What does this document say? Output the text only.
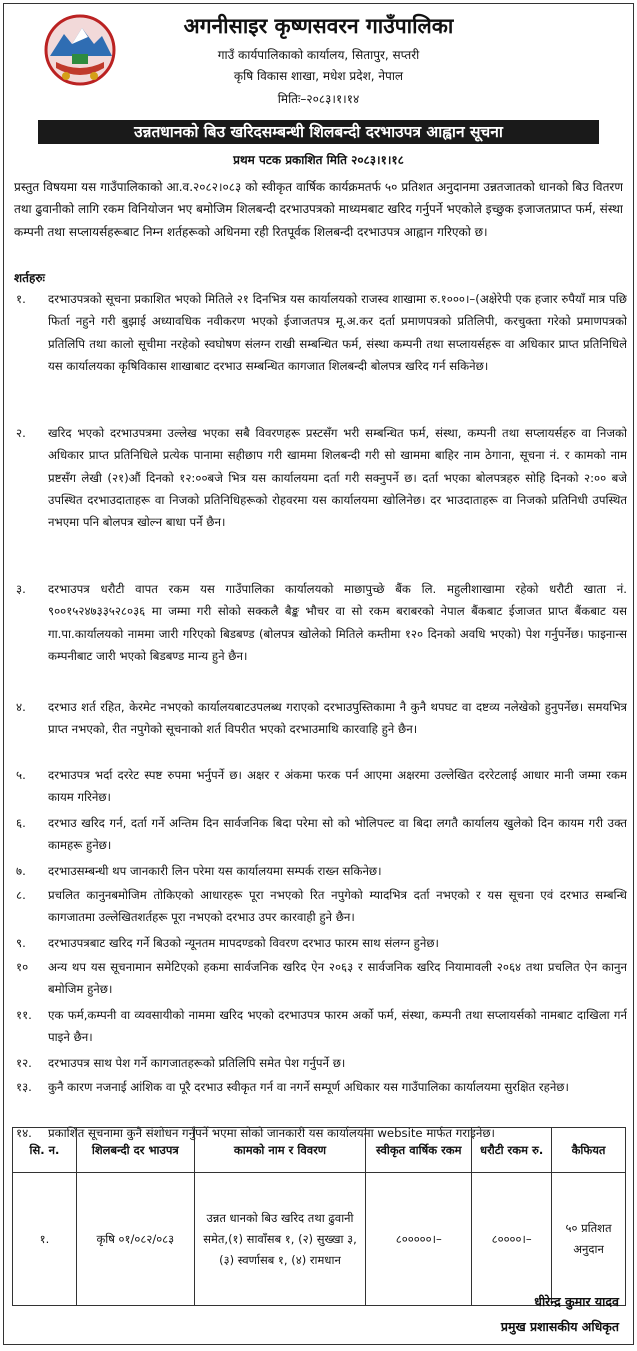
अगनीसाइर कृष्णसवरन गाउँपालिका
गाउँ कार्यपालिकाको कार्यालय, सितापुर, सप्तरी
कृषि विकास शाखा, मधेश प्रदेश, नेपाल
मितिः–२०८३।१।१४
उन्नतधानको बिउ खरिदसम्बन्धी शिलबन्दी दरभाउपत्र आह्वान सूचना
प्रथम पटक प्रकाशित मिति २०८३।१।१८
प्रस्तुत विषयमा यस गाउँपालिकाको आ.व.२०८२।०८३ को स्वीकृत वार्षिक कार्यक्रमतर्फ ५० प्रतिशत अनुदानमा उन्नतजातको धानको बिउ वितरण तथा ढुवानीको लागि रकम विनियोजन भए बमोजिम शिलबन्दी दरभाउपत्रको माध्यमबाट खरिद गर्नुपर्ने भएकोले इच्छुक इजाजतप्राप्त फर्म, संस्था कम्पनी तथा सप्लायर्सहरूबाट निम्न शर्तहरूको अधिनमा रही रितपूर्वक शिलबन्दी दरभाउपत्र आह्वान गरिएको छ।
शर्तहरुः
१.	दरभाउपत्रको सूचना प्रकाशित भएको मितिले २१ दिनभित्र यस कार्यालयको राजस्व शाखामा रु.१०००।–(अक्षेरेपी एक हजार रुपैयाँ मात्र पछि फिर्ता नहुने गरी बुझाई अध्यावधिक नवीकरण भएको ईजाजतपत्र मू.अ.कर दर्ता प्रमाणपत्रको प्रतिलिपी, करचुक्ता गरेको प्रमाणपत्रको प्रतिलिपि तथा कालो सूचीमा नरहेको स्वघोषण संलग्न राखी सम्बन्धित फर्म, संस्था कम्पनी तथा सप्लायर्सहरू वा अधिकार प्राप्त प्रतिनिधिले यस कार्यालयका कृषिविकास शाखाबाट दरभाउ सम्बन्धित कागजात शिलबन्दी बोलपत्र खरिद गर्न सकिनेछ।
२.	खरिद भएको दरभाउपत्रमा उल्लेख भएका सबै विवरणहरू प्रस्टसँग भरी सम्बन्धित फर्म, संस्था, कम्पनी तथा सप्लायर्सहरु वा निजको अधिकार प्राप्त प्रतिनिधिले प्रत्येक पानामा सहीछाप गरी खाममा शिलबन्दी गरी सो खाममा बाहिर नाम ठेगाना, सूचना नं. र कामको नाम प्रष्टसँग लेखी (२१)औं दिनको १२:००बजे भित्र यस कार्यालयमा दर्ता गरी सक्नुपर्ने छ। दर्ता भएका बोलपत्रहरु सोहि दिनको २:०० बजे उपस्थित दरभाउदाताहरू वा निजको प्रतिनिधिहरूको रोहवरमा यस कार्यालयमा खोलिनेछ। दर भाउदाताहरू वा निजको प्रतिनिधी उपस्थित नभएमा पनि बोलपत्र खोल्न बाधा पर्ने छैन।
३.	दरभाउपत्र धरौटी वापत रकम यस गाउँपालिका कार्यालयको माछापुच्छे बैंक लि. महुलीशाखामा रहेको धरौटी खाता नं. ९००१५२४७३३५२८०३६ मा जम्मा गरी सोको सक्कलै बैङ्क भौचर वा सो रकम बराबरको नेपाल बैंकबाट ईजाजत प्राप्त बैंकबाट यस गा.पा.कार्यालयको नाममा जारी गरिएको बिडबण्ड (बोलपत्र खोलेको मितिले कम्तीमा १२० दिनको अवधि भएको) पेश गर्नुपर्नेछ। फाइनान्स कम्पनीबाट जारी भएको बिडबण्ड मान्य हुने छैन।
४.	दरभाउ शर्त रहित, केरमेट नभएको कार्यालयबाटउपलब्ध गराएको दरभाउपुस्तिकामा नै कुनै थपघट वा दष्टव्य नलेखेको हुनुपर्नेछ। समयभित्र प्राप्त नभएको, रीत नपुगेको सूचनाको शर्त विपरीत भएको दरभाउमाथि कारवाहि हुने छैन।
५.	दरभाउपत्र भर्दा दररेट स्पष्ट रुपमा भर्नुपर्ने छ। अक्षर र अंकमा फरक पर्न आएमा अक्षरमा उल्लेखित दररेटलाई आधार मानी जम्मा रकम कायम गरिनेछ।
६.	दरभाउ खरिद गर्न, दर्ता गर्ने अन्तिम दिन सार्वजनिक बिदा परेमा सो को भोलिपल्ट वा बिदा लगतै कार्यालय खुलेको दिन कायम गरी उक्त कामहरू हुनेछ।
७.	दरभाउसम्बन्धी थप जानकारी लिन परेमा यस कार्यालयमा सम्पर्क राख्न सकिनेछ।
८.	प्रचलित कानुनबमोजिम तोकिएको आधारहरू पूरा नभएको रित नपुगेको म्यादभित्र दर्ता नभएको र यस सूचना एवं दरभाउ सम्बन्धि कागजातमा उल्लेखितशर्तहरू पूरा नभएको दरभाउ उपर कारवाही हुने छैन।
९.	दरभाउपत्रबाट खरिद गर्ने बिउको न्यूनतम मापदण्डको विवरण दरभाउ फारम साथ संलग्न हुनेछ।
१०	अन्य थप यस सूचनामान समेटिएको हकमा सार्वजनिक खरिद ऐन २०६३ र सार्वजनिक खरिद नियामावली २०६४ तथा प्रचलित ऐन कानुन बमोजिम हुनेछ।
११.	एक फर्म,कम्पनी वा व्यवसायीको नाममा खरिद भएको दरभाउपत्र फारम अर्को फर्म, संस्था, कम्पनी तथा सप्लायर्सको नामबाट दाखिला गर्न पाइने छैन।
१२.	दरभाउपत्र साथ पेश गर्ने कागजातहरूको प्रतिलिपि समेत पेश गर्नुपर्ने छ।
१३.	कुनै कारण नजनाई आंशिक वा पूरै दरभाउ स्वीकृत गर्न वा नगर्ने सम्पूर्ण अधिकार यस गाउँपालिका कार्यालयमा सुरक्षित रहनेछ।
१४.	प्रकाशित सूचनामा कुनै संशोधन गर्नुपर्ने भएमा सोको जानकारी यस कार्यालयमा website मार्फत गराइनेछ।
सि. न.	शिलबन्दी दर भाउपत्र	कामको नाम र विवरण	स्वीकृत वार्षिक रकम	धरौटी रकम रु.	कैफियत
१.	कृषि ०१/०८२/०८३	उन्नत धानको बिउ खरिद तथा ढुवानी समेत,(१) सावाँसब १, (२) सुख्खा ३, (३) स्वर्णासब १, (४) रामधान	८०००००।–	८००००।–	५० प्रतिशत अनुदान
धीरेन्द्र कुमार यादव
प्रमुख प्रशासकीय अधिकृत
